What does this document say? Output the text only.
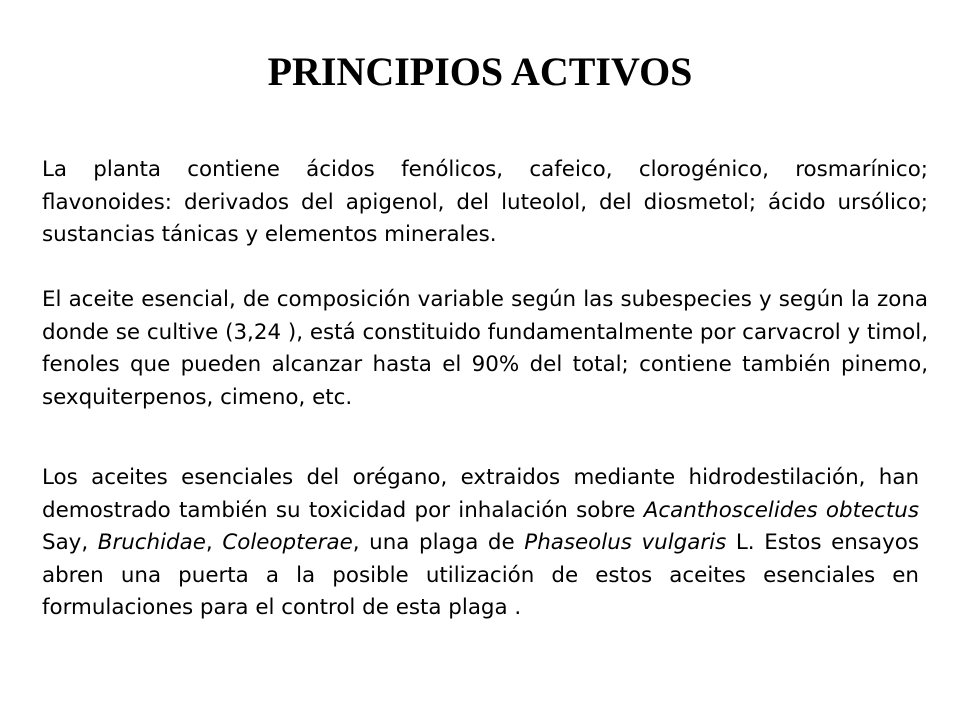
PRINCIPIOS ACTIVOS

La planta contiene ácidos fenólicos, cafeico, clorogénico, rosmarínico; flavonoides: derivados del apigenol, del luteolol, del diosmetol; ácido ursólico; sustancias tánicas y elementos minerales.

El aceite esencial, de composición variable según las subespecies y según la zona donde se cultive (3,24 ), está constituido fundamentalmente por carvacrol y timol, fenoles que pueden alcanzar hasta el 90% del total; contiene también pinemo, sexquiterpenos, cimeno, etc.

Los aceites esenciales del orégano, extraidos mediante hidrodestilación, han demostrado también su toxicidad por inhalación sobre Acanthoscelides obtectus Say, Bruchidae, Coleopterae, una plaga de Phaseolus vulgaris L. Estos ensayos abren una puerta a la posible utilización de estos aceites esenciales en formulaciones para el control de esta plaga .
